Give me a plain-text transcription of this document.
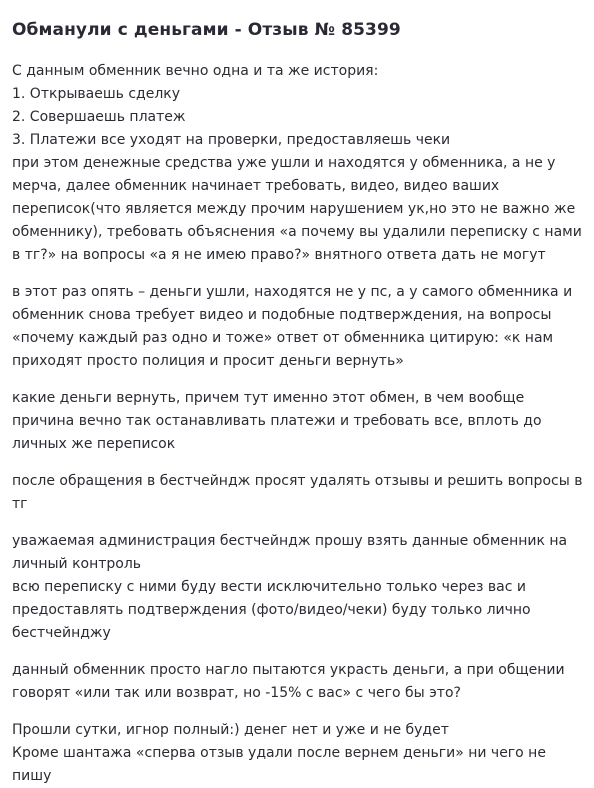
Обманули с деньгами - Отзыв № 85399

С данным обменник вечно одна и та же история:
1. Открываешь сделку
2. Совершаешь платеж
3. Платежи все уходят на проверки, предоставляешь чеки
при этом денежные средства уже ушли и находятся у обменника, а не у
мерча, далее обменник начинает требовать, видео, видео ваших
переписок(что является между прочим нарушением ук,но это не важно же
обменнику), требовать объяснения «а почему вы удалили переписку с нами
в тг?» на вопросы «а я не имею право?» внятного ответа дать не могут

в этот раз опять – деньги ушли, находятся не у пс, а у самого обменника и
обменник снова требует видео и подобные подтверждения, на вопросы
«почему каждый раз одно и тоже» ответ от обменника цитирую: «к нам
приходят просто полиция и просит деньги вернуть»

какие деньги вернуть, причем тут именно этот обмен, в чем вообще
причина вечно так останавливать платежи и требовать все, вплоть до
личных же переписок

после обращения в бестчейндж просят удалять отзывы и решить вопросы в
тг

уважаемая администрация бестчейндж прошу взять данные обменник на
личный контроль
всю переписку с ними буду вести исключительно только через вас и
предоставлять подтверждения (фото/видео/чеки) буду только лично
бестчейнджу

данный обменник просто нагло пытаются украсть деньги, а при общении
говорят «или так или возврат, но -15% с вас» с чего бы это?

Прошли сутки, игнор полный:) денег нет и уже и не будет
Кроме шантажа «сперва отзыв удали после вернем деньги» ни чего не
пишу
